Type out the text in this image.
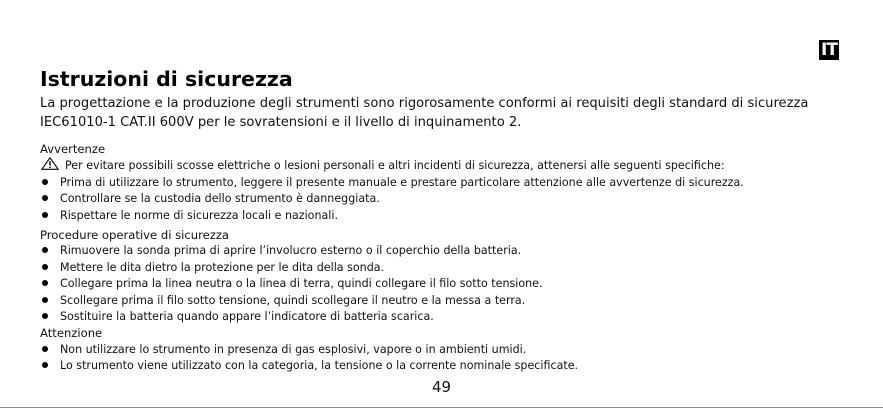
IT
Istruzioni di sicurezza

La progettazione e la produzione degli strumenti sono rigorosamente conformi ai requisiti degli standard di sicurezza IEC61010-1 CAT.II 600V per le sovratensioni e il livello di inquinamento 2.

Avvertenze
Per evitare possibili scosse elettriche o lesioni personali e altri incidenti di sicurezza, attenersi alle seguenti specifiche:
Prima di utilizzare lo strumento, leggere il presente manuale e prestare particolare attenzione alle avvertenze di sicurezza.
Controllare se la custodia dello strumento è danneggiata.
Rispettare le norme di sicurezza locali e nazionali.
Procedure operative di sicurezza
Rimuovere la sonda prima di aprire l’involucro esterno o il coperchio della batteria.
Mettere le dita dietro la protezione per le dita della sonda.
Collegare prima la linea neutra o la linea di terra, quindi collegare il filo sotto tensione.
Scollegare prima il filo sotto tensione, quindi scollegare il neutro e la messa a terra.
Sostituire la batteria quando appare l’indicatore di batteria scarica.
Attenzione
Non utilizzare lo strumento in presenza di gas esplosivi, vapore o in ambienti umidi.
Lo strumento viene utilizzato con la categoria, la tensione o la corrente nominale specificate.
49
